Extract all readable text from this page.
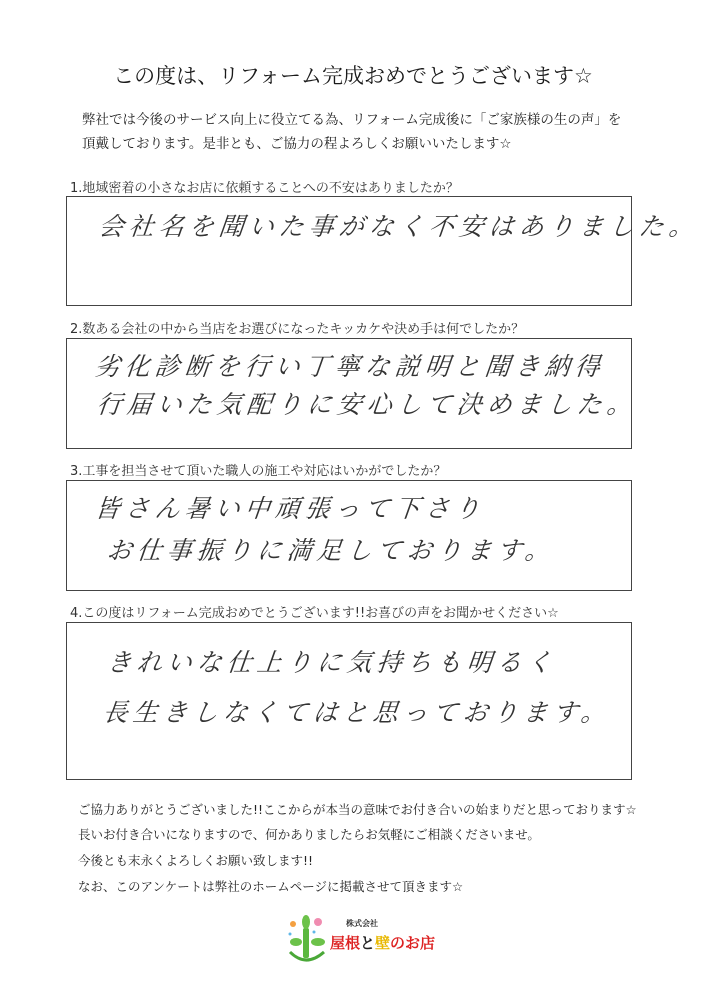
この度は、リフォーム完成おめでとうございます☆
弊社では今後のサービス向上に役立てる為、リフォーム完成後に「ご家族様の生の声」を
頂戴しております。是非とも、ご協力の程よろしくお願いいたします☆
1.地域密着の小さなお店に依頼することへの不安はありましたか？
会社名を聞いた事がなく不安はありました。
2.数ある会社の中から当店をお選びになったキッカケや決め手は何でしたか？
劣化診断を行い丁寧な説明と聞き納得
行届いた気配りに安心して決めました。
3.工事を担当させて頂いた職人の施工や対応はいかがでしたか？
皆さん暑い中頑張って下さり
お仕事振りに満足しております。
4.この度はリフォーム完成おめでとうございます!!お喜びの声をお聞かせください☆
きれいな仕上りに気持ちも明るく
長生きしなくてはと思っております。
ご協力ありがとうございました!!ここからが本当の意味でお付き合いの始まりだと思っております☆
長いお付き合いになりますので、何かありましたらお気軽にご相談くださいませ。
今後とも末永くよろしくお願い致します!!
なお、このアンケートは弊社のホームページに掲載させて頂きます☆
株式会社
屋根と壁のお店
